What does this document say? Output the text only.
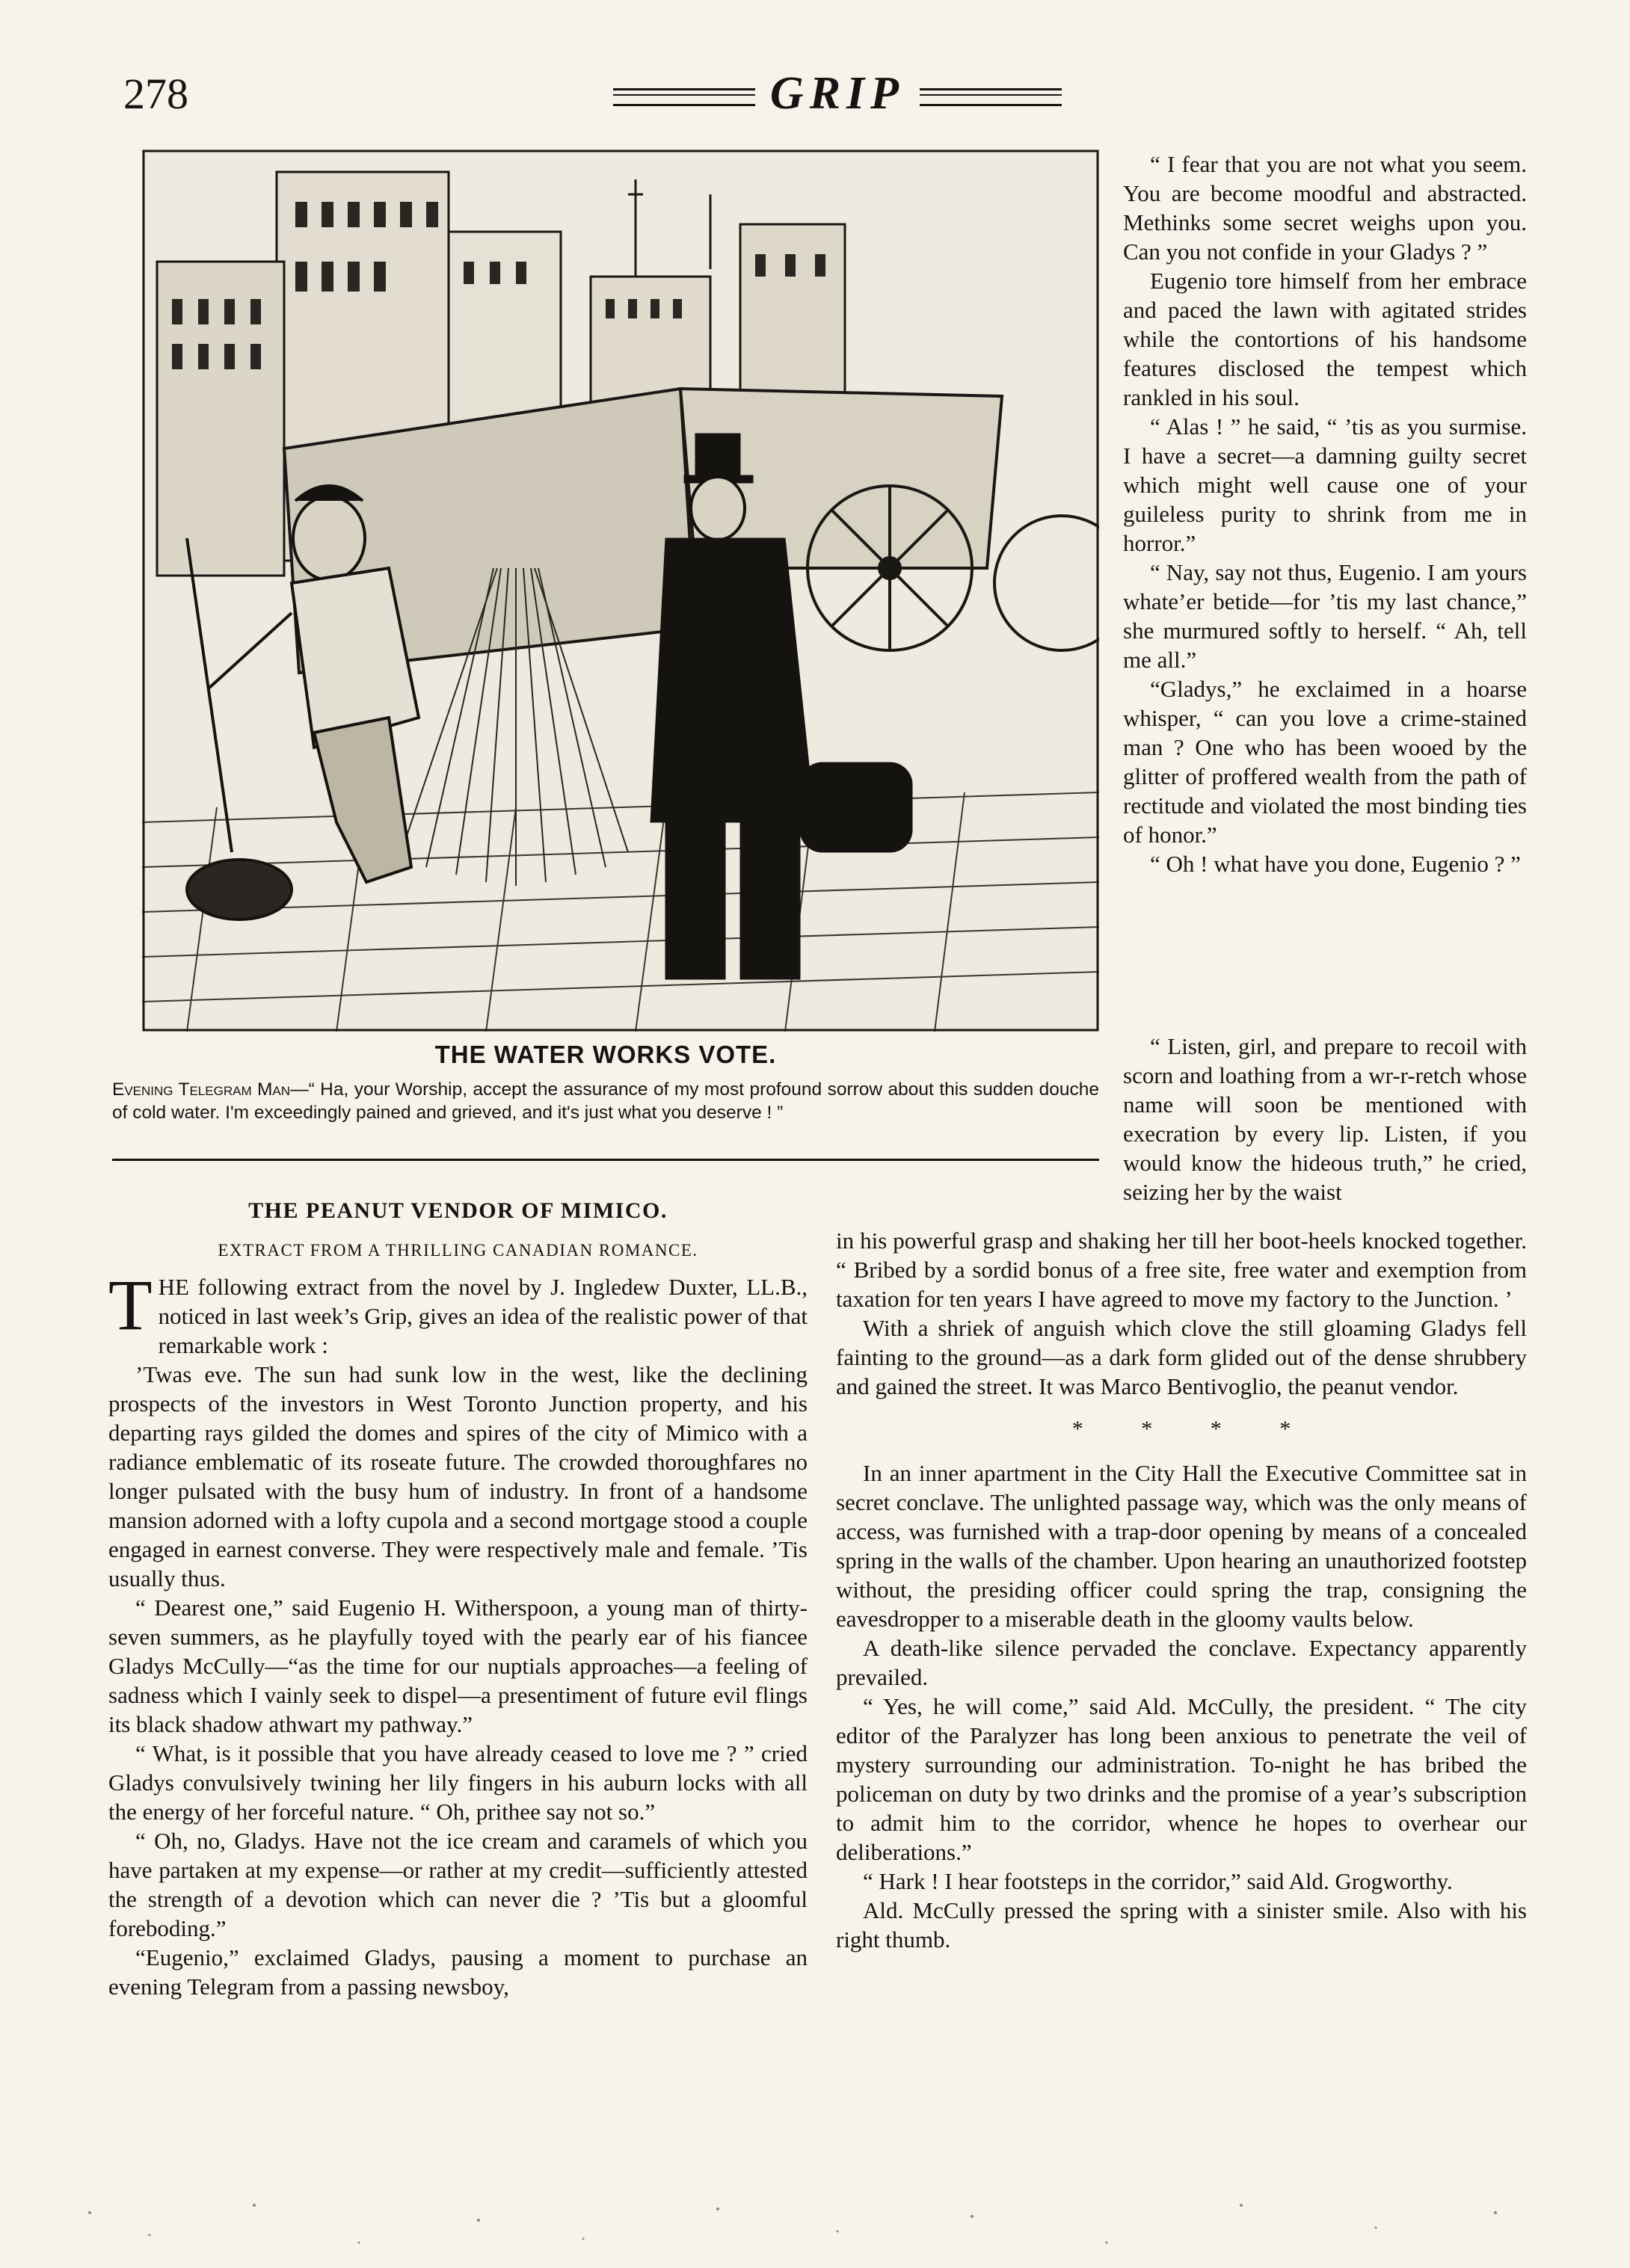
278	GRIP
THE WATER WORKS VOTE.
Evening Telegram Man—“ Ha, your Worship, accept the assurance of my most profound sorrow about this sudden douche of cold water. I'm exceedingly pained and grieved, and it's just what you deserve ! ”

“ I fear that you are not what you seem. You are become moodful and abstracted. Methinks some secret weighs upon you. Can you not confide in your Gladys ? ”

Eugenio tore himself from her embrace and paced the lawn with agitated strides while the contortions of his handsome features disclosed the tempest which rankled in his soul.

“ Alas ! ” he said, “ ’tis as you surmise. I have a secret—a damning guilty secret which might well cause one of your guileless purity to shrink from me in horror.”

“ Nay, say not thus, Eugenio. I am yours whate’er betide—for ’tis my last chance,” she murmured softly to herself. “ Ah, tell me all.”

“Gladys,” he exclaimed in a hoarse whisper, “ can you love a crime-stained man ? One who has been wooed by the glitter of proffered wealth from the path of rectitude and violated the most binding ties of honor.”

“ Oh ! what have you done, Eugenio ? ”

“ Listen, girl, and prepare to recoil with scorn and loathing from a wr-r-retch whose name will soon be mentioned with execration by every lip. Listen, if you would know the hideous truth,” he cried, seizing her by the waist

THE PEANUT VENDOR OF MIMICO.
EXTRACT FROM A THRILLING CANADIAN ROMANCE.

THE following extract from the novel by J. Ingledew Duxter, LL.B., noticed in last week’s Grip, gives an idea of the realistic power of that remarkable work :

’Twas eve. The sun had sunk low in the west, like the declining prospects of the investors in West Toronto Junction property, and his departing rays gilded the domes and spires of the city of Mimico with a radiance emblematic of its roseate future. The crowded thoroughfares no longer pulsated with the busy hum of industry. In front of a handsome mansion adorned with a lofty cupola and a second mortgage stood a couple engaged in earnest converse. They were respectively male and female. ’Tis usually thus.

“ Dearest one,” said Eugenio H. Witherspoon, a young man of thirty-seven summers, as he playfully toyed with the pearly ear of his fiancee Gladys McCully—“as the time for our nuptials approaches—a feeling of sadness which I vainly seek to dispel—a presentiment of future evil flings its black shadow athwart my pathway.”

“ What, is it possible that you have already ceased to love me ? ” cried Gladys convulsively twining her lily fingers in his auburn locks with all the energy of her forceful nature. “ Oh, prithee say not so.”

“ Oh, no, Gladys. Have not the ice cream and caramels of which you have partaken at my expense—or rather at my credit—sufficiently attested the strength of a devotion which can never die ? ’Tis but a gloomful foreboding.”

“Eugenio,” exclaimed Gladys, pausing a moment to purchase an evening Telegram from a passing newsboy,

in his powerful grasp and shaking her till her boot-heels knocked together. “ Bribed by a sordid bonus of a free site, free water and exemption from taxation for ten years I have agreed to move my factory to the Junction. ’

With a shriek of anguish which clove the still gloaming Gladys fell fainting to the ground—as a dark form glided out of the dense shrubbery and gained the street. It was Marco Bentivoglio, the peanut vendor.

* * * *

In an inner apartment in the City Hall the Executive Committee sat in secret conclave. The unlighted passage way, which was the only means of access, was furnished with a trap-door opening by means of a concealed spring in the walls of the chamber. Upon hearing an unauthorized footstep without, the presiding officer could spring the trap, consigning the eavesdropper to a miserable death in the gloomy vaults below.

A death-like silence pervaded the conclave. Expectancy apparently prevailed.

“ Yes, he will come,” said Ald. McCully, the president. “ The city editor of the Paralyzer has long been anxious to penetrate the veil of mystery surrounding our administration. To-night he has bribed the policeman on duty by two drinks and the promise of a year’s subscription to admit him to the corridor, whence he hopes to overhear our deliberations.”

“ Hark ! I hear footsteps in the corridor,” said Ald. Grogworthy.

Ald. McCully pressed the spring with a sinister smile. Also with his right thumb.
